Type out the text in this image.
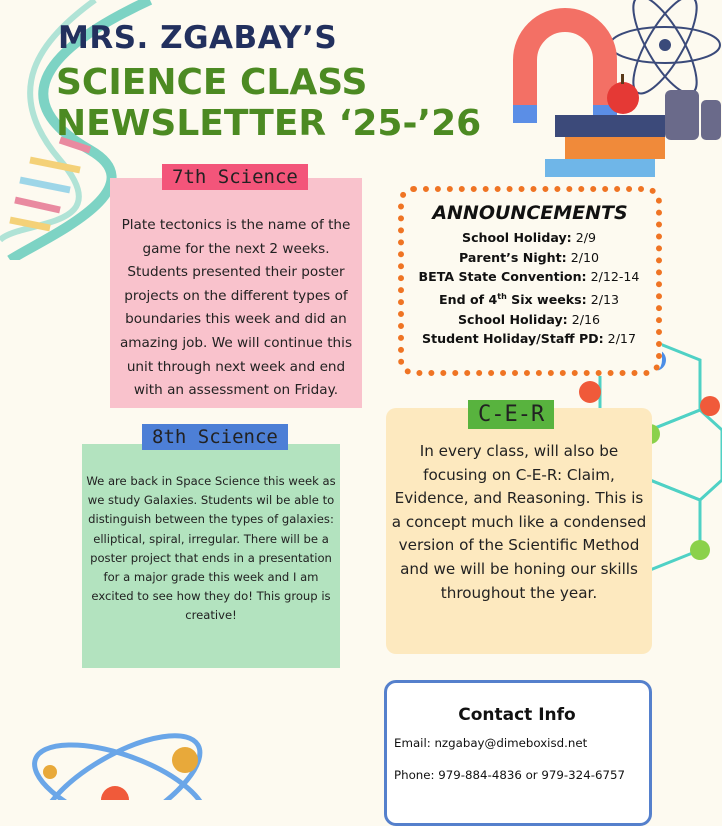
MRS. ZGABAY’S
SCIENCE CLASS
NEWSLETTER ‘25-’26
7th Science
Plate tectonics is the name of the game for the next 2 weeks. Students presented their poster projects on the different types of boundaries this week and did an amazing job. We will continue this unit through next week and end with an assessment on Friday.
8th Science
We are back in Space Science this week as we study Galaxies. Students wil be able to distinguish between the types of galaxies: elliptical, spiral, irregular. There will be a poster project that ends in a presentation for a major grade this week and I am excited to see how they do! This group is creative!
ANNOUNCEMENTS
School Holiday: 2/9
Parent’s Night: 2/10
BETA State Convention: 2/12-14
End of 4th Six weeks: 2/13
School Holiday: 2/16
Student Holiday/Staff PD: 2/17
C-E-R
In every class, will also be focusing on C-E-R: Claim, Evidence, and Reasoning. This is a concept much like a condensed version of the Scientific Method and we will be honing our skills throughout the year.
Contact Info
Email: nzgabay@dimeboxisd.net
Phone: 979-884-4836 or 979-324-6757
